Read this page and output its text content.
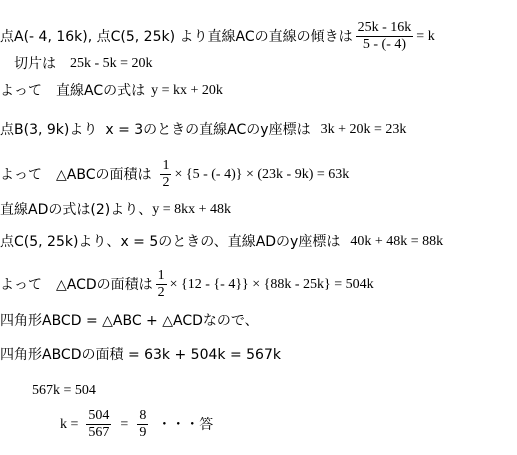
点A(- 4, 16k), 点C(5, 25k) より直線ACの直線の傾きは $\frac{25k - 16k}{5 - (- 4)} = k$
切片は 25k - 5k = 20k
よって　直線ACの式は y = kx + 20k
点B(3, 9k)より x = 3のときの直線ACのy座標は 3k + 20k = 23k
よって　△ABCの面積は $\frac{1}{2} \times \{5$ - (- 4)} × (23k - 9k) = 63k
直線ADの式は(2)より、 y = 8kx + 48k
点C(5, 25k)より、 x = 5のときの、直線ADのy座標は 40k + 48k = 88k
よって　△ACDの面積は $\frac{1}{2} \times \{12$ - {- 4}} × {88k - 25k} = 504k
四角形ABCD = △ABC + △ACDなので、
四角形ABCDの面積 = 63k + 504k = 567k
567k = 504
$k = \frac{504}{567} = \frac{8}{9}$ ・・・答
